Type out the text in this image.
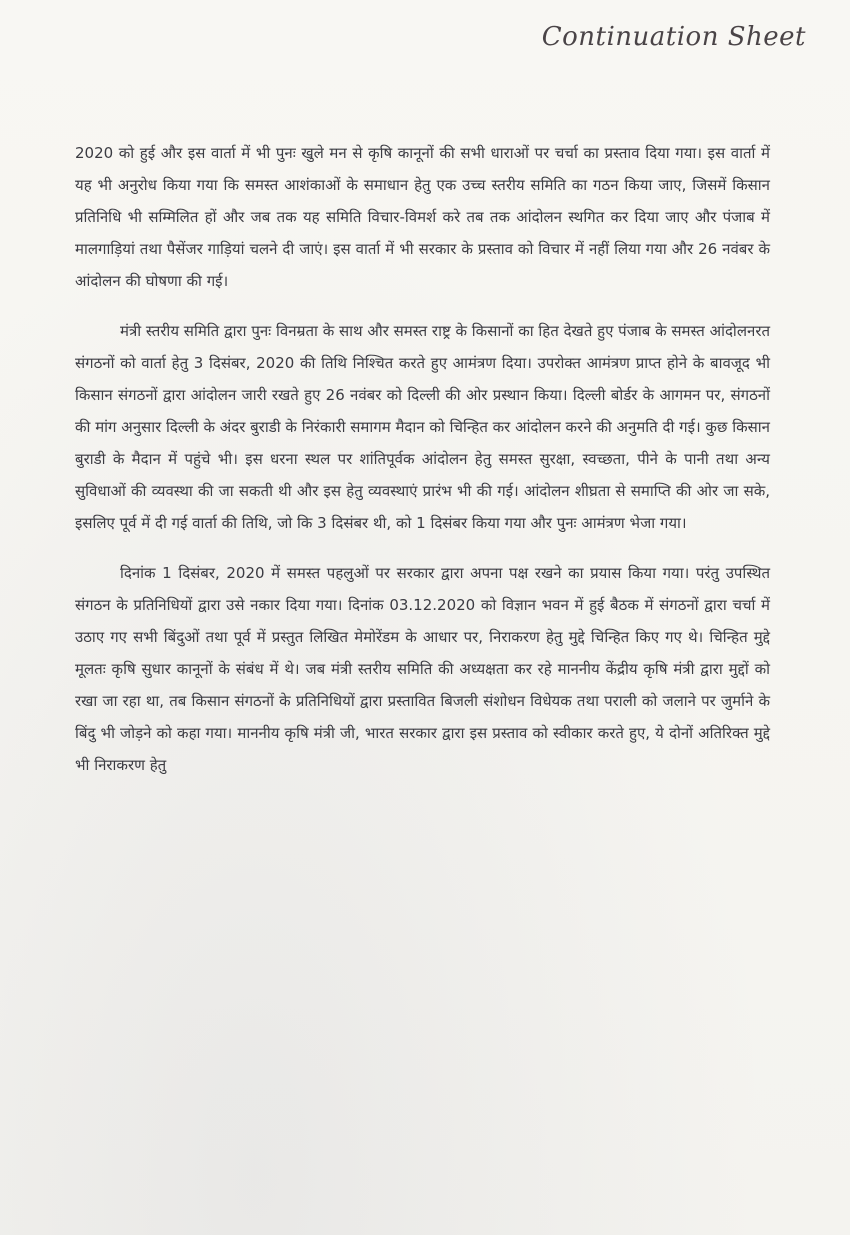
Continuation Sheet

2020 को हुई और इस वार्ता में भी पुनः खुले मन से कृषि कानूनों की सभी धाराओं पर चर्चा का प्रस्ताव दिया गया। इस वार्ता में यह भी अनुरोध किया गया कि समस्त आशंकाओं के समाधान हेतु एक उच्च स्तरीय समिति का गठन किया जाए, जिसमें किसान प्रतिनिधि भी सम्मिलित हों और जब तक यह समिति विचार-विमर्श करे तब तक आंदोलन स्थगित कर दिया जाए और पंजाब में मालगाड़ियां तथा पैसेंजर गाड़ियां चलने दी जाएं। इस वार्ता में भी सरकार के प्रस्ताव को विचार में नहीं लिया गया और 26 नवंबर के आंदोलन की घोषणा की गई।

मंत्री स्तरीय समिति द्वारा पुनः विनम्रता के साथ और समस्त राष्ट्र के किसानों का हित देखते हुए पंजाब के समस्त आंदोलनरत संगठनों को वार्ता हेतु 3 दिसंबर, 2020 की तिथि निश्चित करते हुए आमंत्रण दिया। उपरोक्त आमंत्रण प्राप्त होने के बावजूद भी किसान संगठनों द्वारा आंदोलन जारी रखते हुए 26 नवंबर को दिल्ली की ओर प्रस्थान किया। दिल्ली बोर्डर के आगमन पर, संगठनों की मांग अनुसार दिल्ली के अंदर बुराडी के निरंकारी समागम मैदान को चिन्हित कर आंदोलन करने की अनुमति दी गई। कुछ किसान बुराडी के मैदान में पहुंचे भी। इस धरना स्थल पर शांतिपूर्वक आंदोलन हेतु समस्त सुरक्षा, स्वच्छता, पीने के पानी तथा अन्य सुविधाओं की व्यवस्था की जा सकती थी और इस हेतु व्यवस्थाएं प्रारंभ भी की गई। आंदोलन शीघ्रता से समाप्ति की ओर जा सके, इसलिए पूर्व में दी गई वार्ता की तिथि, जो कि 3 दिसंबर थी, को 1 दिसंबर किया गया और पुनः आमंत्रण भेजा गया।

दिनांक 1 दिसंबर, 2020 में समस्त पहलुओं पर सरकार द्वारा अपना पक्ष रखने का प्रयास किया गया। परंतु उपस्थित संगठन के प्रतिनिधियों द्वारा उसे नकार दिया गया। दिनांक 03.12.2020 को विज्ञान भवन में हुई बैठक में संगठनों द्वारा चर्चा में उठाए गए सभी बिंदुओं तथा पूर्व में प्रस्तुत लिखित मेमोरेंडम के आधार पर, निराकरण हेतु मुद्दे चिन्हित किए गए थे। चिन्हित मुद्दे मूलतः कृषि सुधार कानूनों के संबंध में थे। जब मंत्री स्तरीय समिति की अध्यक्षता कर रहे माननीय केंद्रीय कृषि मंत्री द्वारा मुद्दों को रखा जा रहा था, तब किसान संगठनों के प्रतिनिधियों द्वारा प्रस्तावित बिजली संशोधन विधेयक तथा पराली को जलाने पर जुर्माने के बिंदु भी जोड़ने को कहा गया। माननीय कृषि मंत्री जी, भारत सरकार द्वारा इस प्रस्ताव को स्वीकार करते हुए, ये दोनों अतिरिक्त मुद्दे भी निराकरण हेतु
